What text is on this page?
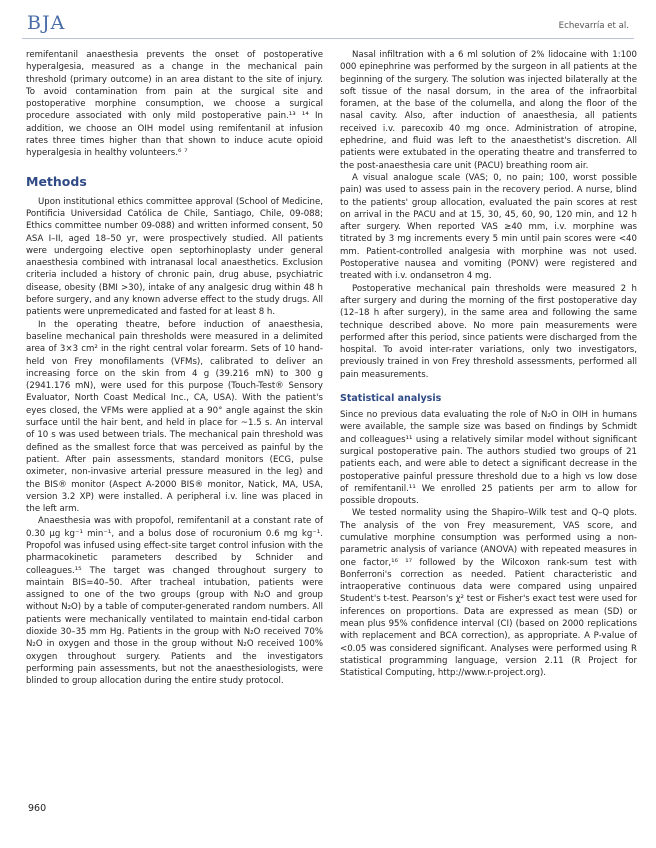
BJA	Echevarría et al.

remifentanil anaesthesia prevents the onset of postoperative hyperalgesia, measured as a change in the mechanical pain threshold (primary outcome) in an area distant to the site of injury. To avoid contamination from pain at the surgical site and postoperative morphine consumption, we choose a surgical procedure associated with only mild postoperative pain.¹³ ¹⁴ In addition, we choose an OIH model using remifentanil at infusion rates three times higher than that shown to induce acute opioid hyperalgesia in healthy volunteers.⁶ ⁷

Methods

Upon institutional ethics committee approval (School of Medicine, Pontificia Universidad Católica de Chile, Santiago, Chile, 09-088; Ethics committee number 09-088) and written informed consent, 50 ASA I–II, aged 18–50 yr, were prospectively studied. All patients were undergoing elective open septorhinoplasty under general anaesthesia combined with intranasal local anaesthetics. Exclusion criteria included a history of chronic pain, drug abuse, psychiatric disease, obesity (BMI >30), intake of any analgesic drug within 48 h before surgery, and any known adverse effect to the study drugs. All patients were unpremedicated and fasted for at least 8 h.

In the operating theatre, before induction of anaesthesia, baseline mechanical pain thresholds were measured in a delimited area of 3×3 cm² in the right central volar forearm. Sets of 10 hand-held von Frey monofilaments (VFMs), calibrated to deliver an increasing force on the skin from 4 g (39.216 mN) to 300 g (2941.176 mN), were used for this purpose (Touch-Test® Sensory Evaluator, North Coast Medical Inc., CA, USA). With the patient's eyes closed, the VFMs were applied at a 90° angle against the skin surface until the hair bent, and held in place for ~1.5 s. An interval of 10 s was used between trials. The mechanical pain threshold was defined as the smallest force that was perceived as painful by the patient. After pain assessments, standard monitors (ECG, pulse oximeter, non-invasive arterial pressure measured in the leg) and the BIS® monitor (Aspect A-2000 BIS® monitor, Natick, MA, USA, version 3.2 XP) were installed. A peripheral i.v. line was placed in the left arm.

Anaesthesia was with propofol, remifentanil at a constant rate of 0.30 μg kg⁻¹ min⁻¹, and a bolus dose of rocuronium 0.6 mg kg⁻¹. Propofol was infused using effect-site target control infusion with the pharmacokinetic parameters described by Schnider and colleagues.¹⁵ The target was changed throughout surgery to maintain BIS=40–50. After tracheal intubation, patients were assigned to one of the two groups (group with N₂O and group without N₂O) by a table of computer-generated random numbers. All patients were mechanically ventilated to maintain end-tidal carbon dioxide 30–35 mm Hg. Patients in the group with N₂O received 70% N₂O in oxygen and those in the group without N₂O received 100% oxygen throughout surgery. Patients and the investigators performing pain assessments, but not the anaesthesiologists, were blinded to group allocation during the entire study protocol.

Nasal infiltration with a 6 ml solution of 2% lidocaine with 1:100 000 epinephrine was performed by the surgeon in all patients at the beginning of the surgery. The solution was injected bilaterally at the soft tissue of the nasal dorsum, in the area of the infraorbital foramen, at the base of the columella, and along the floor of the nasal cavity. Also, after induction of anaesthesia, all patients received i.v. parecoxib 40 mg once. Administration of atropine, ephedrine, and fluid was left to the anaesthetist's discretion. All patients were extubated in the operating theatre and transferred to the post-anaesthesia care unit (PACU) breathing room air.

A visual analogue scale (VAS; 0, no pain; 100, worst possible pain) was used to assess pain in the recovery period. A nurse, blind to the patients' group allocation, evaluated the pain scores at rest on arrival in the PACU and at 15, 30, 45, 60, 90, 120 min, and 12 h after surgery. When reported VAS ≥40 mm, i.v. morphine was titrated by 3 mg increments every 5 min until pain scores were <40 mm. Patient-controlled analgesia with morphine was not used. Postoperative nausea and vomiting (PONV) were registered and treated with i.v. ondansetron 4 mg.

Postoperative mechanical pain thresholds were measured 2 h after surgery and during the morning of the first postoperative day (12–18 h after surgery), in the same area and following the same technique described above. No more pain measurements were performed after this period, since patients were discharged from the hospital. To avoid inter-rater variations, only two investigators, previously trained in von Frey threshold assessments, performed all pain measurements.

Statistical analysis

Since no previous data evaluating the role of N₂O in OIH in humans were available, the sample size was based on findings by Schmidt and colleagues¹¹ using a relatively similar model without significant surgical postoperative pain. The authors studied two groups of 21 patients each, and were able to detect a significant decrease in the postoperative painful pressure threshold due to a high vs low dose of remifentanil.¹¹ We enrolled 25 patients per arm to allow for possible dropouts.

We tested normality using the Shapiro–Wilk test and Q–Q plots. The analysis of the von Frey measurement, VAS score, and cumulative morphine consumption was performed using a non-parametric analysis of variance (ANOVA) with repeated measures in one factor,¹⁶ ¹⁷ followed by the Wilcoxon rank-sum test with Bonferroni's correction as needed. Patient characteristic and intraoperative continuous data were compared using unpaired Student's t-test. Pearson's χ² test or Fisher's exact test were used for inferences on proportions. Data are expressed as mean (SD) or mean plus 95% confidence interval (CI) (based on 2000 replications with replacement and BCA correction), as appropriate. A P-value of <0.05 was considered significant. Analyses were performed using R statistical programming language, version 2.11 (R Project for Statistical Computing, http://www.r-project.org).

960
